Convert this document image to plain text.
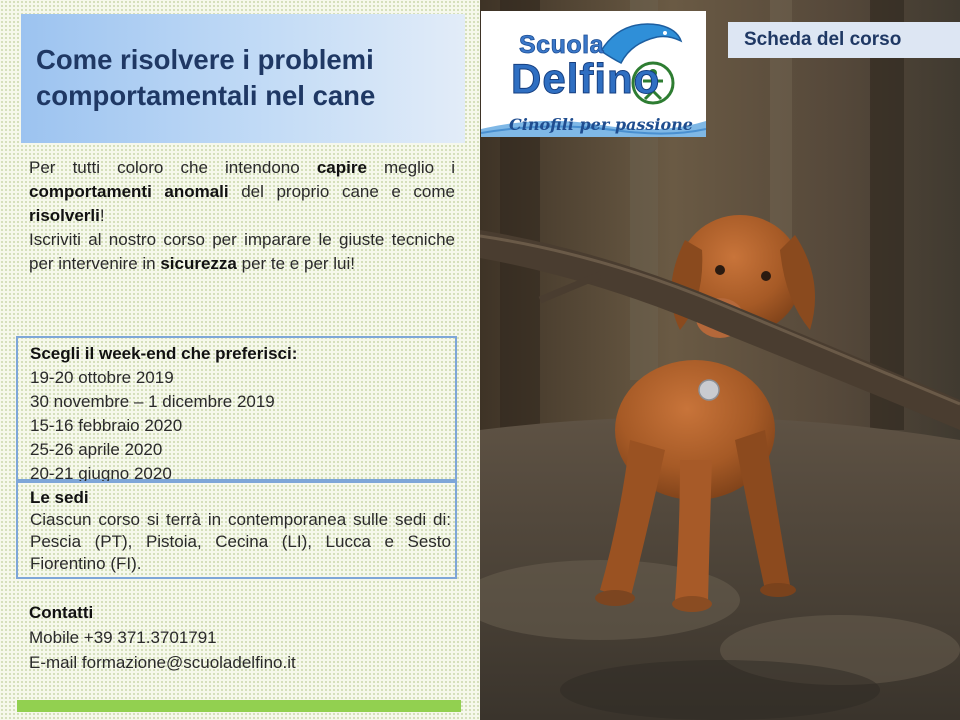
Come risolvere i problemi comportamentali nel cane
Per tutti coloro che intendono capire meglio i comportamenti anomali del proprio cane e come risolverli!
Iscriviti al nostro corso per imparare le giuste tecniche per intervenire in sicurezza per te e per lui!
Scegli il week-end che preferisci:
19-20 ottobre 2019
30 novembre – 1 dicembre 2019
15-16 febbraio 2020
25-26 aprile 2020
20-21 giugno 2020
Le sedi
Ciascun corso si terrà in contemporanea sulle sedi di: Pescia (PT), Pistoia, Cecina (LI), Lucca e Sesto Fiorentino (FI).
Contatti
Mobile +39 371.3701791
E-mail formazione@scuoladelfino.it
Scuola
Delfino
Cinofili per passione
Scheda del corso
